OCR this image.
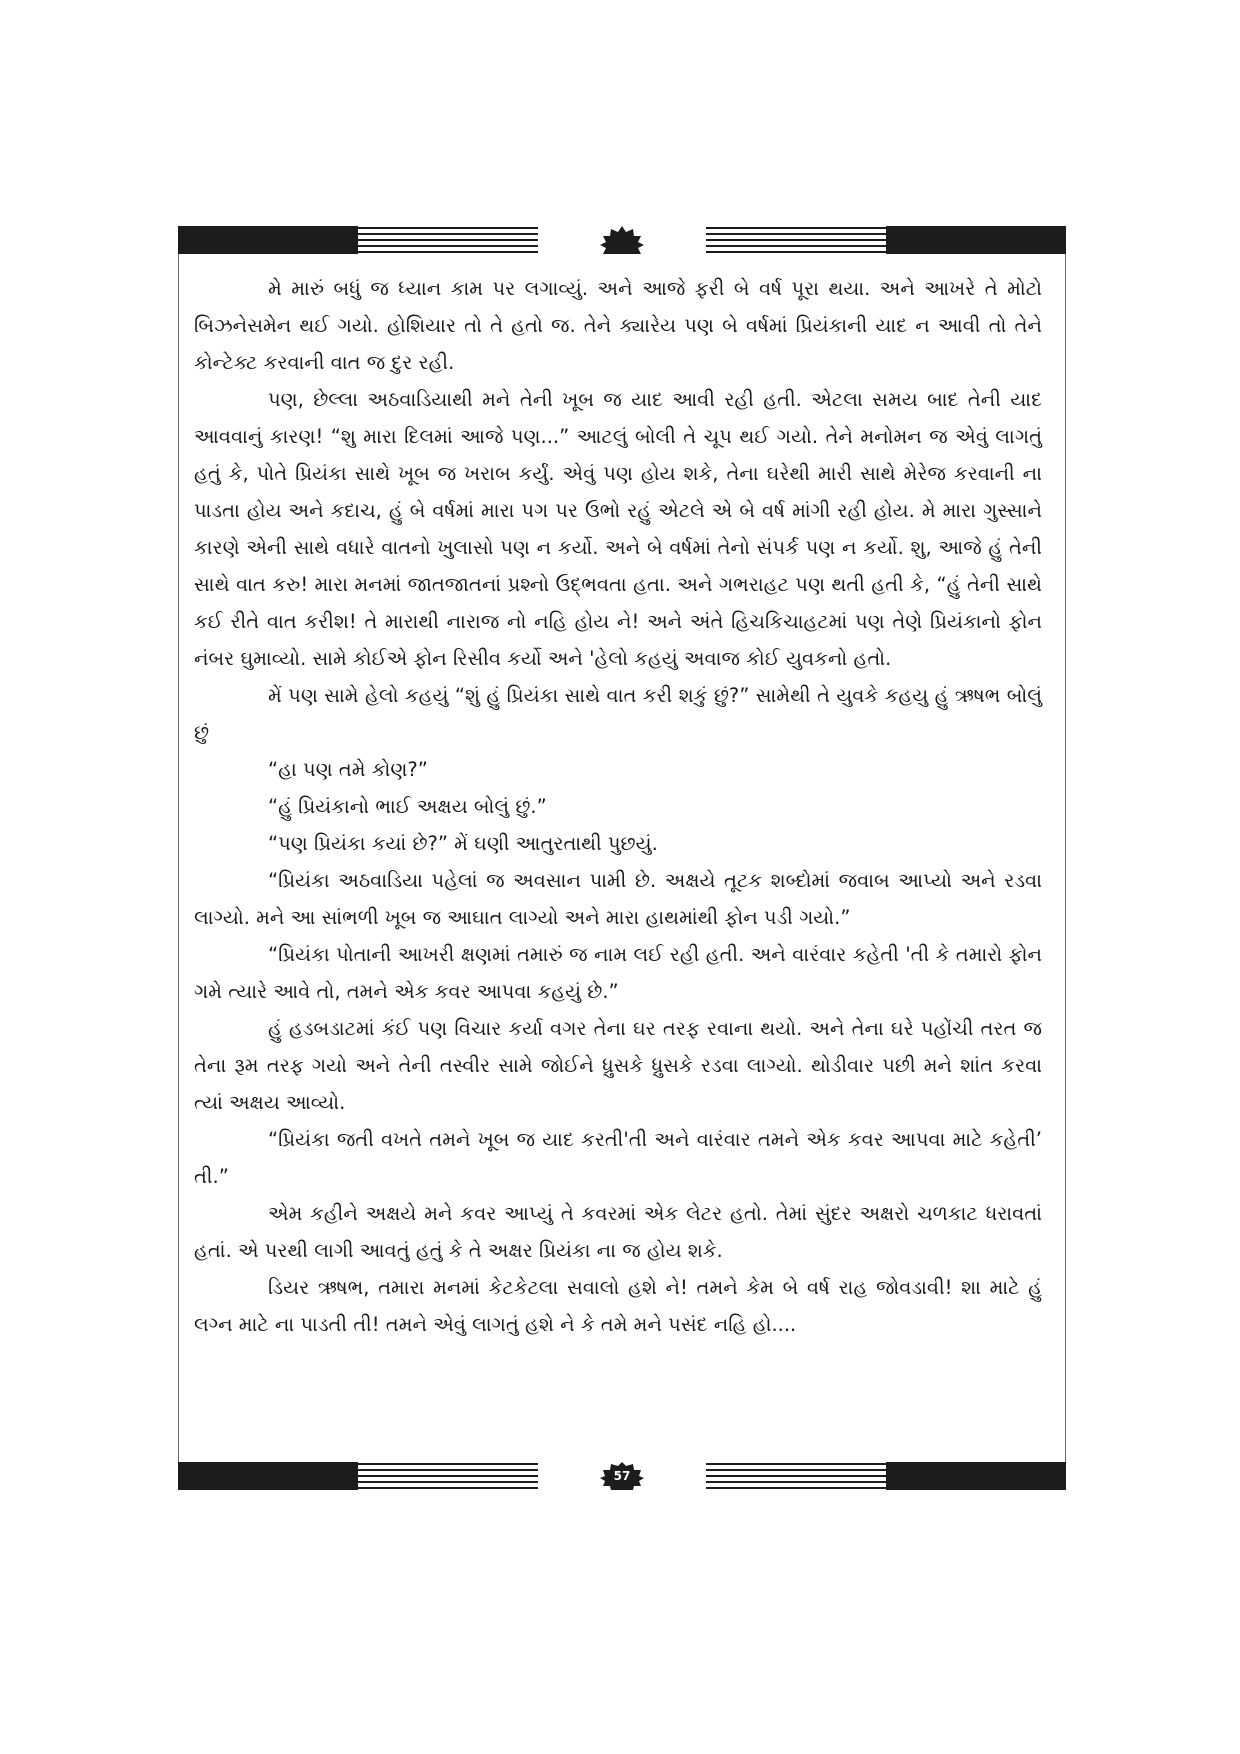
મે મારું બધું જ ધ્યાન કામ પર લગાવ્યું. અને આજે ફરી બે વર્ષ પૂરા થયા. અને આખરે તે મોટો બિઝનેસમેન થઈ ગયો. હોશિયાર તો તે હતો જ. તેને ક્યારેય પણ બે વર્ષમાં પ્રિયંકાની યાદ ન આવી તો તેને કોન્ટેક્ટ કરવાની વાત જ દુર રહી.

પણ, છેલ્લા અઠવાડિયાથી મને તેની ખૂબ જ યાદ આવી રહી હતી. એટલા સમય બાદ તેની યાદ આવવાનું કારણ! “શુ મારા દિલમાં આજે પણ...” આટલું બોલી તે ચૂપ થઈ ગયો. તેને મનોમન જ એવું લાગતું હતું કે, પોતે પ્રિયંકા સાથે ખૂબ જ ખરાબ કર્યું. એવું પણ હોય શકે, તેના ઘરેથી મારી સાથે મેરેજ કરવાની ના પાડતા હોય અને કદાચ, હું બે વર્ષમાં મારા પગ પર ઉભો રહું એટલે એ બે વર્ષ માંગી રહી હોય. મે મારા ગુસ્સાને કારણે એની સાથે વધારે વાતનો ખુલાસો પણ ન કર્યો. અને બે વર્ષમાં તેનો સંપર્ક પણ ન કર્યો. શુ, આજે હું તેની સાથે વાત કરુ! મારા મનમાં જાતજાતનાં પ્રશ્નો ઉદ્ભવતા હતા. અને ગભરાહટ પણ થતી હતી કે, “હું તેની સાથે કઈ રીતે વાત કરીશ! તે મારાથી નારાજ નો નહિ હોય ને! અને અંતે હિચકિચાહટમાં પણ તેણે પ્રિયંકાનો ફોન નંબર ઘુમાવ્યો. સામે કોઈએ ફોન રિસીવ કર્યો અને 'હેલો કહયું અવાજ કોઈ યુવકનો હતો.

મેં પણ સામે હેલો કહયું “શું હું પ્રિયંકા સાથે વાત કરી શકું છું?” સામેથી તે યુવકે કહયુ હું ઋષભ બોલું છું

“હા પણ તમે કોણ?”

“હું પ્રિયંકાનો ભાઈ અક્ષય બોલું છું.”

“પણ પ્રિયંકા કયાં છે?” મેં ઘણી આતુરતાથી પુછયું.

“પ્રિયંકા અઠવાડિયા પહેલાં જ અવસાન પામી છે. અક્ષયે તૂટક શબ્દોમાં જવાબ આપ્યો અને રડવા લાગ્યો. મને આ સાંભળી ખૂબ જ આઘાત લાગ્યો અને મારા હાથમાંથી ફોન પડી ગયો.”

“પ્રિયંકા પોતાની આખરી ક્ષણમાં તમારું જ નામ લઈ રહી હતી. અને વારંવાર કહેતી 'તી કે તમારો ફોન ગમે ત્યારે આવે તો, તમને એક કવર આપવા કહયું છે.”

હું હડબડાટમાં કંઈ પણ વિચાર કર્યા વગર તેના ઘર તરફ રવાના થયો. અને તેના ઘરે પહોંચી તરત જ તેના રૂમ તરફ ગયો અને તેની તસ્વીર સામે જોઈને ધ્રુસકે ધ્રુસકે રડવા લાગ્યો. થોડીવાર પછી મને શાંત કરવા ત્યાં અક્ષય આવ્યો.

“પ્રિયંકા જતી વખતે તમને ખૂબ જ યાદ કરતી'તી અને વારંવાર તમને એક કવર આપવા માટે કહેતી’ તી.”

એમ કહીને અક્ષયે મને કવર આપ્યું તે કવરમાં એક લેટર હતો. તેમાં સુંદર અક્ષરો ચળકાટ ધરાવતાં હતાં. એ પરથી લાગી આવતું હતું કે તે અક્ષર પ્રિયંકા ના જ હોય શકે.

ડિયર ઋષભ, તમારા મનમાં કેટકેટલા સવાલો હશે ને! તમને કેમ બે વર્ષ રાહ જોવડાવી! શા માટે હું લગ્ન માટે ના પાડતી તી! તમને એવું લાગતું હશે ને કે તમે મને પસંદ નહિ હો....

57
